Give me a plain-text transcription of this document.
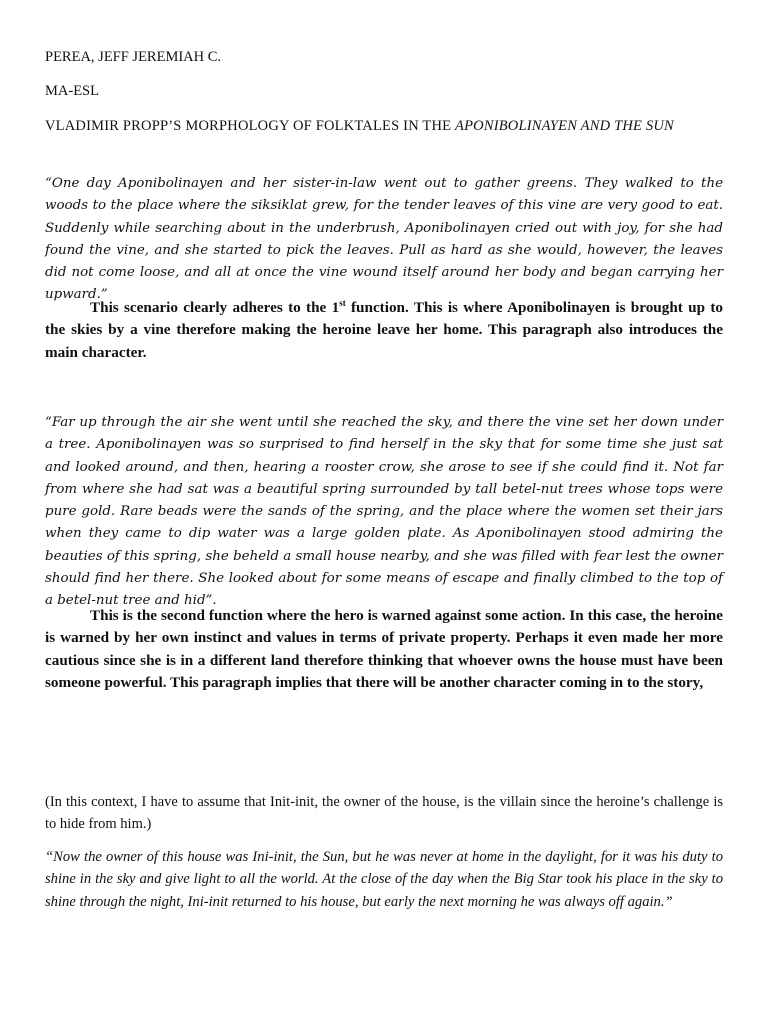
PEREA, JEFF JEREMIAH C.
MA-ESL
VLADIMIR PROPP’S MORPHOLOGY OF FOLKTALES IN THE APONIBOLINAYEN AND THE SUN
“One day Aponibolinayen and her sister-in-law went out to gather greens. They walked to the woods to the place where the siksiklat grew, for the tender leaves of this vine are very good to eat. Suddenly while searching about in the underbrush, Aponibolinayen cried out with joy, for she had found the vine, and she started to pick the leaves. Pull as hard as she would, however, the leaves did not come loose, and all at once the vine wound itself around her body and began carrying her upward.”
This scenario clearly adheres to the 1st function. This is where Aponibolinayen is brought up to the skies by a vine therefore making the heroine leave her home. This paragraph also introduces the main character.
“Far up through the air she went until she reached the sky, and there the vine set her down under a tree. Aponibolinayen was so surprised to find herself in the sky that for some time she just sat and looked around, and then, hearing a rooster crow, she arose to see if she could find it. Not far from where she had sat was a beautiful spring surrounded by tall betel-nut trees whose tops were pure gold. Rare beads were the sands of the spring, and the place where the women set their jars when they came to dip water was a large golden plate. As Aponibolinayen stood admiring the beauties of this spring, she beheld a small house nearby, and she was filled with fear lest the owner should find her there. She looked about for some means of escape and finally climbed to the top of a betel-nut tree and hid”.
This is the second function where the hero is warned against some action. In this case, the heroine is warned by her own instinct and values in terms of private property. Perhaps it even made her more cautious since she is in a different land therefore thinking that whoever owns the house must have been someone powerful. This paragraph implies that there will be another character coming in to the story,
(In this context, I have to assume that Init-init, the owner of the house, is the villain since the heroine’s challenge is to hide from him.)
“Now the owner of this house was Ini-init, the Sun, but he was never at home in the daylight, for it was his duty to shine in the sky and give light to all the world. At the close of the day when the Big Star took his place in the sky to shine through the night, Ini-init returned to his house, but early the next morning he was always off again.”
